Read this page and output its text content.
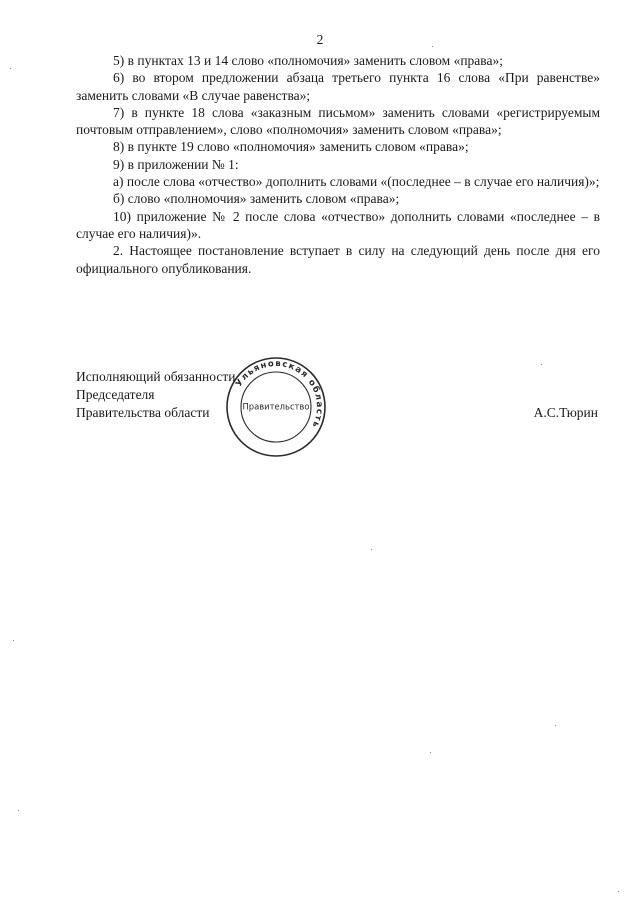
2

5) в пунктах 13 и 14 слово «полномочия» заменить словом «права»;

6) во втором предложении абзаца третьего пункта 16 слова «При равенстве» заменить словами «В случае равенства»;

7) в пункте 18 слова «заказным письмом» заменить словами «регистрируемым почтовым отправлением», слово «полномочия» заменить словом «права»;

8) в пункте 19 слово «полномочия» заменить словом «права»;

9) в приложении № 1:

а) после слова «отчество» дополнить словами «(последнее – в случае его наличия)»;

б) слово «полномочия» заменить словом «права»;

10) приложение № 2 после слова «отчество» дополнить словами «последнее – в случае его наличия)».

2. Настоящее постановление вступает в силу на следующий день после дня его официального опубликования.

Исполняющий обязанности

Председателя

Правительства области	А.С.Тюрин
Ульяновская область
Правительство
